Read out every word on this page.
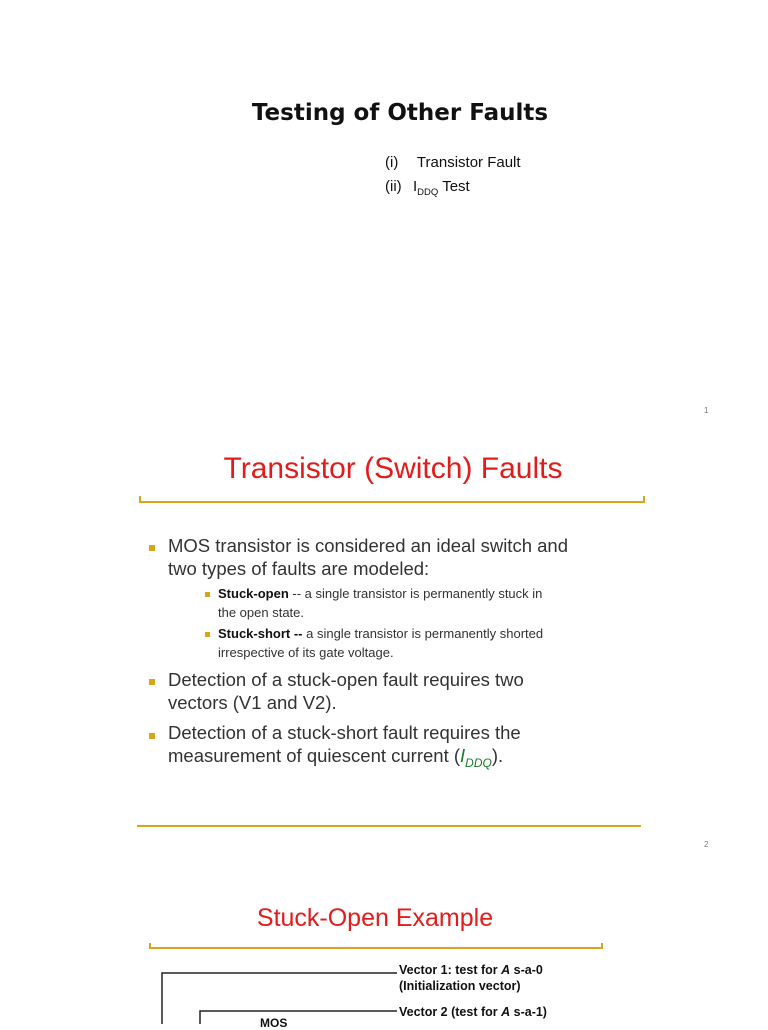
Testing of Other Faults
(i) Transistor Fault
(ii) $I_{DDQ}$ Test
1
Transistor (Switch) Faults
MOS transistor is considered an ideal switch and
two types of faults are modeled:
Stuck-open -- a single transistor is permanently stuck in
the open state.
Stuck-short -- a single transistor is permanently shorted
irrespective of its gate voltage.
Detection of a stuck-open fault requires two
vectors (V1 and V2).
Detection of a stuck-short fault requires the
measurement of quiescent current $(I_{DDQ})$.
2
Stuck-Open Example
Vector 1: test for A s-a-0
(Initialization vector)
Vector 2 (test for A s-a-1)
MOS
